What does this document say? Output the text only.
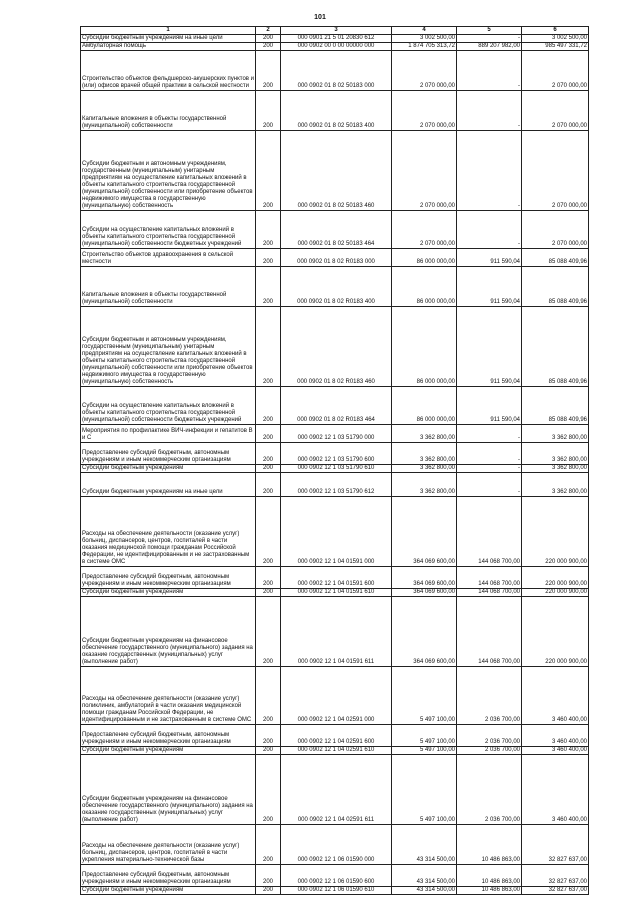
101
1	2	3	4	5	6
Субсидии бюджетным учреждениям на иные цели	200	000 0901 21 5 01 20830 612	3 002 500,00	-	3 002 500,00
Амбулаторная помощь	200	000 0902 00 0 00 00000 000	1 874 705 313,72	889 207 982,00	985 497 331,72
Строительство объектов фельдшерско-акушерских пунктов и (или) офисов врачей общей практики в сельской местности	200	000 0902 01 8 02 50183 000	2 070 000,00	-	2 070 000,00
Капитальные вложения в объекты государственной (муниципальной) собственности	200	000 0902 01 8 02 50183 400	2 070 000,00	-	2 070 000,00
Субсидии бюджетным и автономным учреждениям, государственным (муниципальным) унитарным предприятиям на осуществление капитальных вложений в объекты капитального строительства государственной (муниципальной) собственности или приобретение объектов недвижимого имущества в государственную (муниципальную) собственность	200	000 0902 01 8 02 50183 460	2 070 000,00	-	2 070 000,00
Субсидии на осуществление капитальных вложений в объекты капитального строительства государственной (муниципальной) собственности бюджетных учреждений	200	000 0902 01 8 02 50183 464	2 070 000,00	-	2 070 000,00
Строительство объектов здравоохранения в сельской местности	200	000 0902 01 8 02 R0183 000	86 000 000,00	911 590,04	85 088 409,96
Капитальные вложения в объекты государственной (муниципальной) собственности	200	000 0902 01 8 02 R0183 400	86 000 000,00	911 590,04	85 088 409,96
Субсидии бюджетным и автономным учреждениям, государственным (муниципальным) унитарным предприятиям на осуществление капитальных вложений в объекты капитального строительства государственной (муниципальной) собственности или приобретение объектов недвижимого имущества в государственную (муниципальную) собственность	200	000 0902 01 8 02 R0183 460	86 000 000,00	911 590,04	85 088 409,96
Субсидии на осуществление капитальных вложений в объекты капитального строительства государственной (муниципальной) собственности бюджетных учреждений	200	000 0902 01 8 02 R0183 464	86 000 000,00	911 590,04	85 088 409,96
Мероприятия по профилактике ВИЧ-инфекции и гепатитов В и С	200	000 0902 12 1 03 51790 000	3 362 800,00	-	3 362 800,00
Предоставление субсидий бюджетным, автономным учреждениям и иным некоммерческим организациям	200	000 0902 12 1 03 51790 600	3 362 800,00	-	3 362 800,00
Субсидии бюджетным учреждениям	200	000 0902 12 1 03 51790 610	3 362 800,00	-	3 362 800,00
Субсидии бюджетным учреждениям на иные цели	200	000 0902 12 1 03 51790 612	3 362 800,00	-	3 362 800,00
Расходы на обеспечение деятельности (оказание услуг) больниц, диспансеров, центров, госпиталей в части оказания медицинской помощи гражданам Российской Федерации, не идентифицированным и не застрахованным в системе ОМС	200	000 0902 12 1 04 01591 000	364 069 600,00	144 068 700,00	220 000 900,00
Предоставление субсидий бюджетным, автономным учреждениям и иным некоммерческим организациям	200	000 0902 12 1 04 01591 600	364 069 600,00	144 068 700,00	220 000 900,00
Субсидии бюджетным учреждениям	200	000 0902 12 1 04 01591 610	364 069 600,00	144 068 700,00	220 000 900,00
Субсидии бюджетным учреждениям на финансовое обеспечение государственного (муниципального) задания на оказание государственных (муниципальных) услуг (выполнение работ)	200	000 0902 12 1 04 01591 611	364 069 600,00	144 068 700,00	220 000 900,00
Расходы на обеспечение деятельности (оказание услуг) поликлиник, амбулаторий в части оказания медицинской помощи гражданам Российской Федерации, не идентифицированным и не застрахованным в системе ОМС	200	000 0902 12 1 04 02591 000	5 497 100,00	2 036 700,00	3 460 400,00
Предоставление субсидий бюджетным, автономным учреждениям и иным некоммерческим организациям	200	000 0902 12 1 04 02591 600	5 497 100,00	2 036 700,00	3 460 400,00
Субсидии бюджетным учреждениям	200	000 0902 12 1 04 02591 610	5 497 100,00	2 036 700,00	3 460 400,00
Субсидии бюджетным учреждениям на финансовое обеспечение государственного (муниципального) задания на оказание государственных (муниципальных) услуг (выполнение работ)	200	000 0902 12 1 04 02591 611	5 497 100,00	2 036 700,00	3 460 400,00
Расходы на обеспечение деятельности (оказание услуг) больниц, диспансеров, центров, госпиталей в части укрепления материально-технической базы	200	000 0902 12 1 06 01590 000	43 314 500,00	10 486 863,00	32 827 637,00
Предоставление субсидий бюджетным, автономным учреждениям и иным некоммерческим организациям	200	000 0902 12 1 06 01590 600	43 314 500,00	10 486 863,00	32 827 637,00
Субсидии бюджетным учреждениям	200	000 0902 12 1 06 01590 610	43 314 500,00	10 486 863,00	32 827 637,00
